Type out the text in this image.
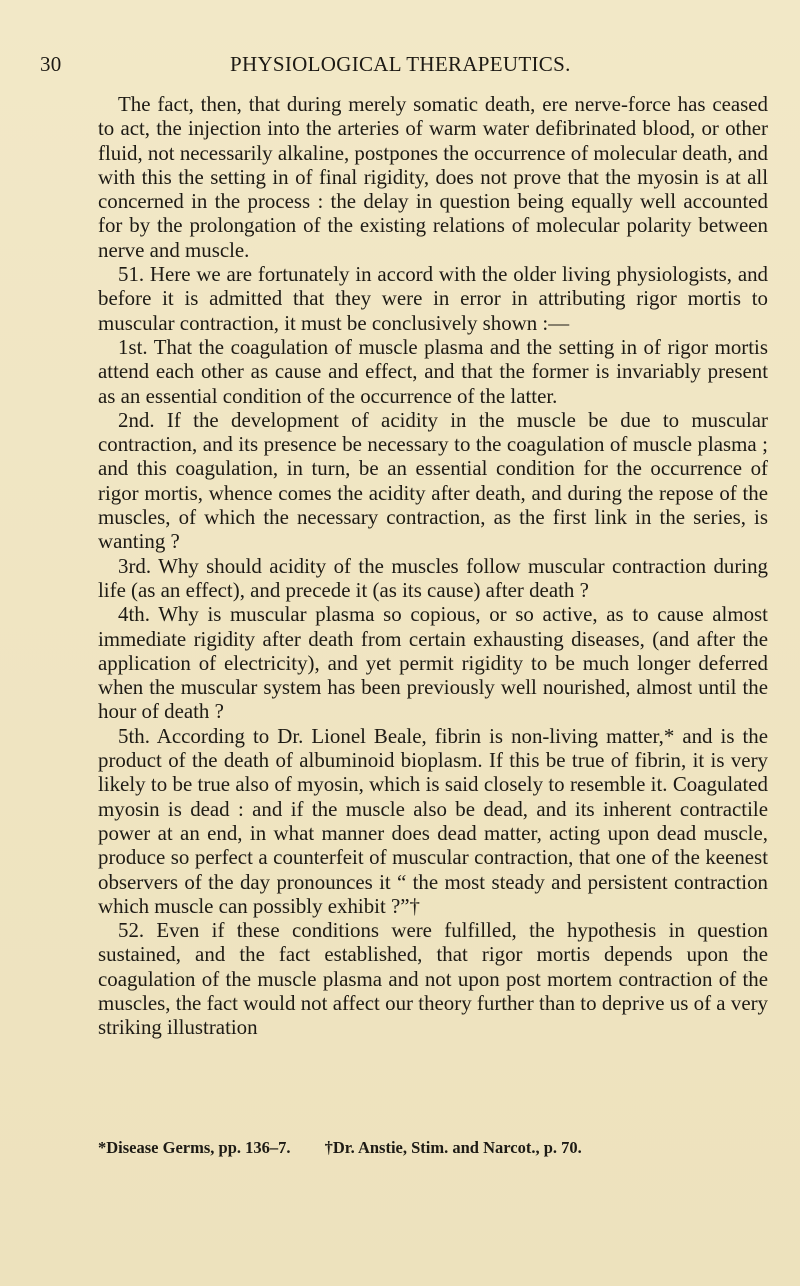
30	PHYSIOLOGICAL THERAPEUTICS.

The fact, then, that during merely somatic death, ere nerve-force has ceased to act, the injection into the arteries of warm water defibrinated blood, or other fluid, not necessarily alkaline, postpones the occurrence of molecular death, and with this the setting in of final rigidity, does not prove that the myosin is at all concerned in the process : the delay in question being equally well accounted for by the prolongation of the existing relations of molecular polarity between nerve and muscle.

51. Here we are fortunately in accord with the older living physiologists, and before it is admitted that they were in error in attributing rigor mortis to muscular contraction, it must be conclusively shown :—

1st. That the coagulation of muscle plasma and the setting in of rigor mortis attend each other as cause and effect, and that the former is invariably present as an essential condition of the occurrence of the latter.

2nd. If the development of acidity in the muscle be due to muscular contraction, and its presence be necessary to the coagulation of muscle plasma ; and this coagulation, in turn, be an essential condition for the occurrence of rigor mortis, whence comes the acidity after death, and during the repose of the muscles, of which the necessary contraction, as the first link in the series, is wanting ?

3rd. Why should acidity of the muscles follow muscular contraction during life (as an effect), and precede it (as its cause) after death ?

4th. Why is muscular plasma so copious, or so active, as to cause almost immediate rigidity after death from certain exhausting diseases, (and after the application of electricity), and yet permit rigidity to be much longer deferred when the muscular system has been previously well nourished, almost until the hour of death ?

5th. According to Dr. Lionel Beale, fibrin is non-living matter,* and is the product of the death of albuminoid bioplasm. If this be true of fibrin, it is very likely to be true also of myosin, which is said closely to resemble it. Coagulated myosin is dead : and if the muscle also be dead, and its inherent contractile power at an end, in what manner does dead matter, acting upon dead muscle, produce so perfect a counterfeit of muscular contraction, that one of the keenest observers of the day pronounces it “ the most steady and persistent contraction which muscle can possibly exhibit ?”†

52. Even if these conditions were fulfilled, the hypothesis in question sustained, and the fact established, that rigor mortis depends upon the coagulation of the muscle plasma and not upon post mortem contraction of the muscles, the fact would not affect our theory further than to deprive us of a very striking illustration

*Disease Germs, pp. 136–7. †Dr. Anstie, Stim. and Narcot., p. 70.
